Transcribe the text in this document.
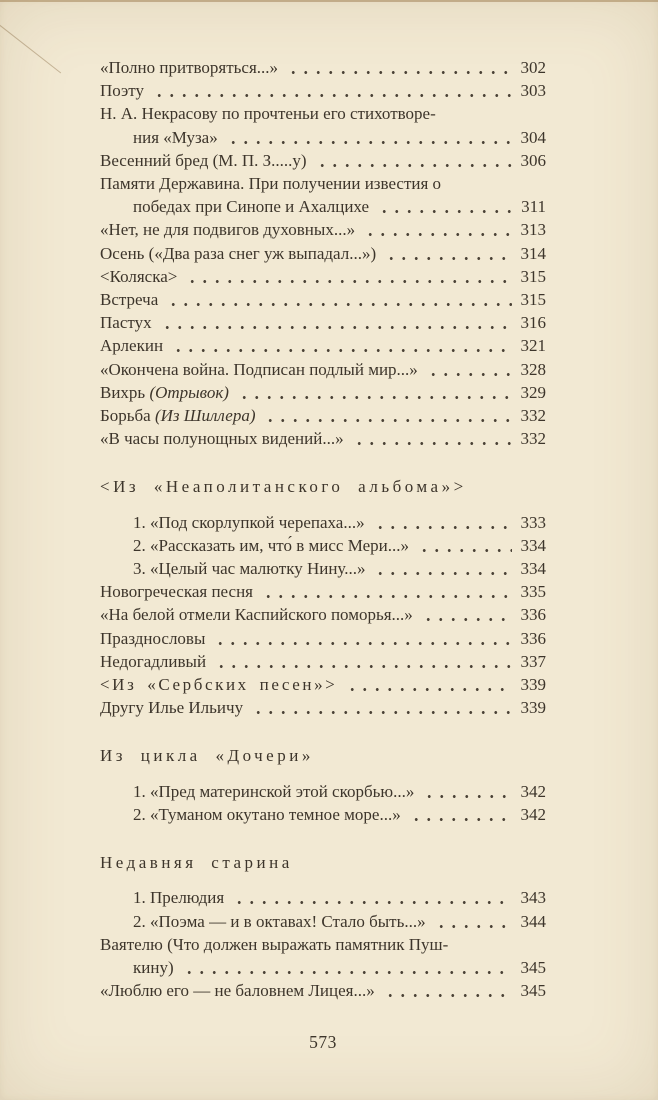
«Полно притворяться...»	302
Поэту	303
Н. А. Некрасову по прочтеньи его стихотворе-
ния «Муза»	304
Весенний бред (М. П. З.....у)	306
Памяти Державина. При получении известия о
победах при Синопе и Ахалцихе	311
«Нет, не для подвигов духовных...»	313
Осень («Два раза снег уж выпадал...»)	314
<Коляска>	315
Встреча	315
Пастух	316
Арлекин	321
«Окончена война. Подписан подлый мир...»	328
Вихрь (Отрывок)	329
Борьба (Из Шиллера)	332
«В часы полунощных видений...»	332
<Из «Неаполитанского альбома»>
1. «Под скорлупкой черепаха...»	333
2. «Рассказать им, что́ в мисс Мери...»	334
3. «Целый час малютку Нину...»	334
Новогреческая песня	335
«На белой отмели Каспийского поморья...»	336
Празднословы	336
Недогадливый	337
<Из «Сербских песен»>	339
Другу Илье Ильичу	339
Из цикла «Дочери»
1. «Пред материнской этой скорбью...»	342
2. «Туманом окутано темное море...»	342
Недавняя старина
1. Прелюдия	343
2. «Поэма — и в октавах! Стало быть...»	344
Ваятелю (Что должен выражать памятник Пуш-
кину)	345
«Люблю его — не баловнем Лицея...»	345
573
